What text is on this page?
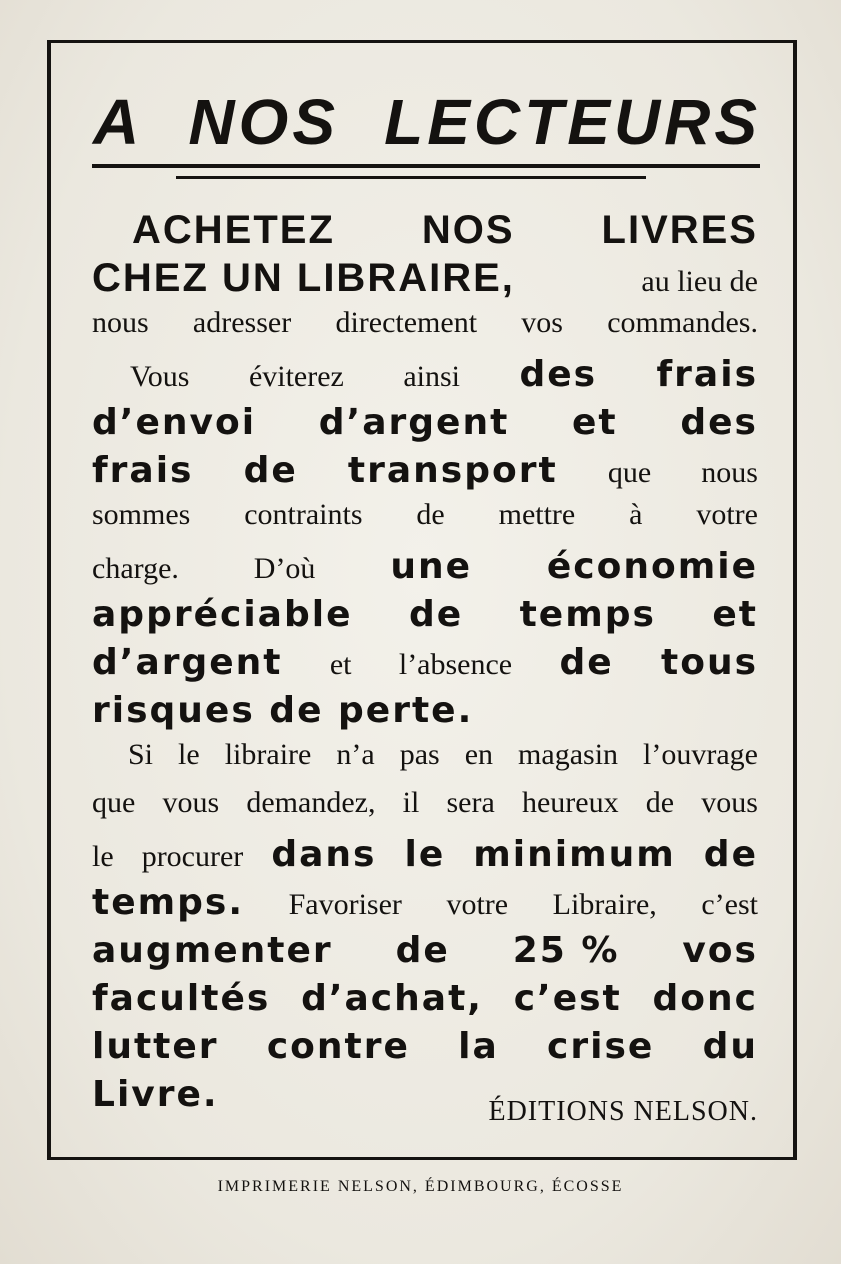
A NOS LECTEURS
ACHETEZ NOS LIVRES
CHEZ UN LIBRAIRE,	au lieu de
nous adresser directement vos commandes.
Vous éviterez ainsi des frais
d’envoi d’argent et des
frais de transport que nous
sommes contraints de mettre à votre
charge. D’où une économie
appréciable de temps et
d’argent et l’absence de tous
risques de perte.
Si le libraire n’a pas en magasin l’ouvrage
que vous demandez, il sera heureux de vous
le procurer dans le minimum de
temps. Favoriser votre Libraire, c’est
augmenter de 25 % vos
facultés d’achat, c’est donc
lutter contre la crise du
Livre.	ÉDITIONS NELSON.
IMPRIMERIE NELSON, ÉDIMBOURG, ÉCOSSE
